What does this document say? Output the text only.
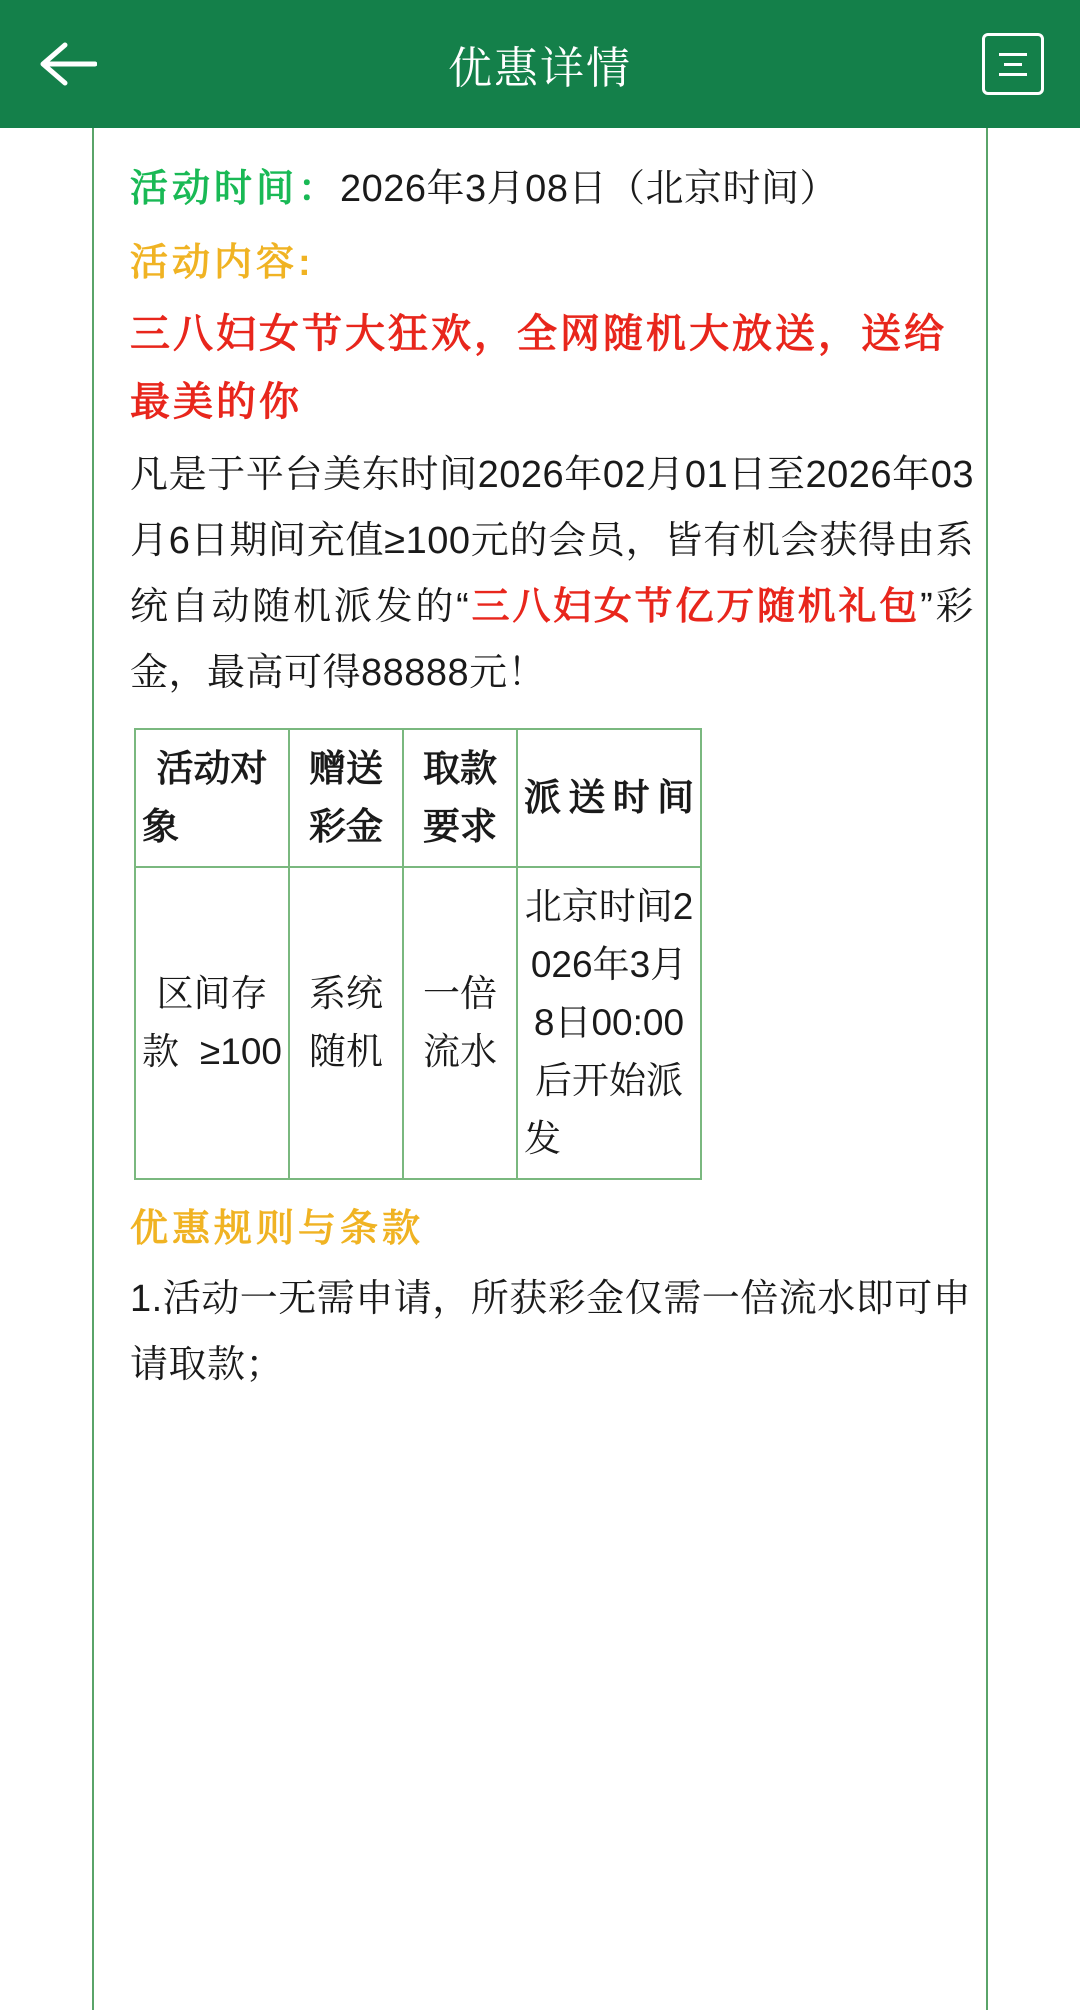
优惠详情

活动时间：2026年3月08日（北京时间）

活动内容:

三八妇女节大狂欢，全网随机大放送，送给最美的你

凡是于平台美东时间2026年02月01日至2026年03月6日期间充值≥100元的会员，皆有机会获得由系统自动随机派发的“三八妇女节亿万随机礼包”彩金，最高可得88888元！

活动对象	赠送彩金	取款要求	派送时间
区间存款≥100	系统随机	一倍流水	北京时间2026年3月8日00:00后开始派发

优惠规则与条款

1.活动一无需申请，所获彩金仅需一倍流水即可申请取款；
